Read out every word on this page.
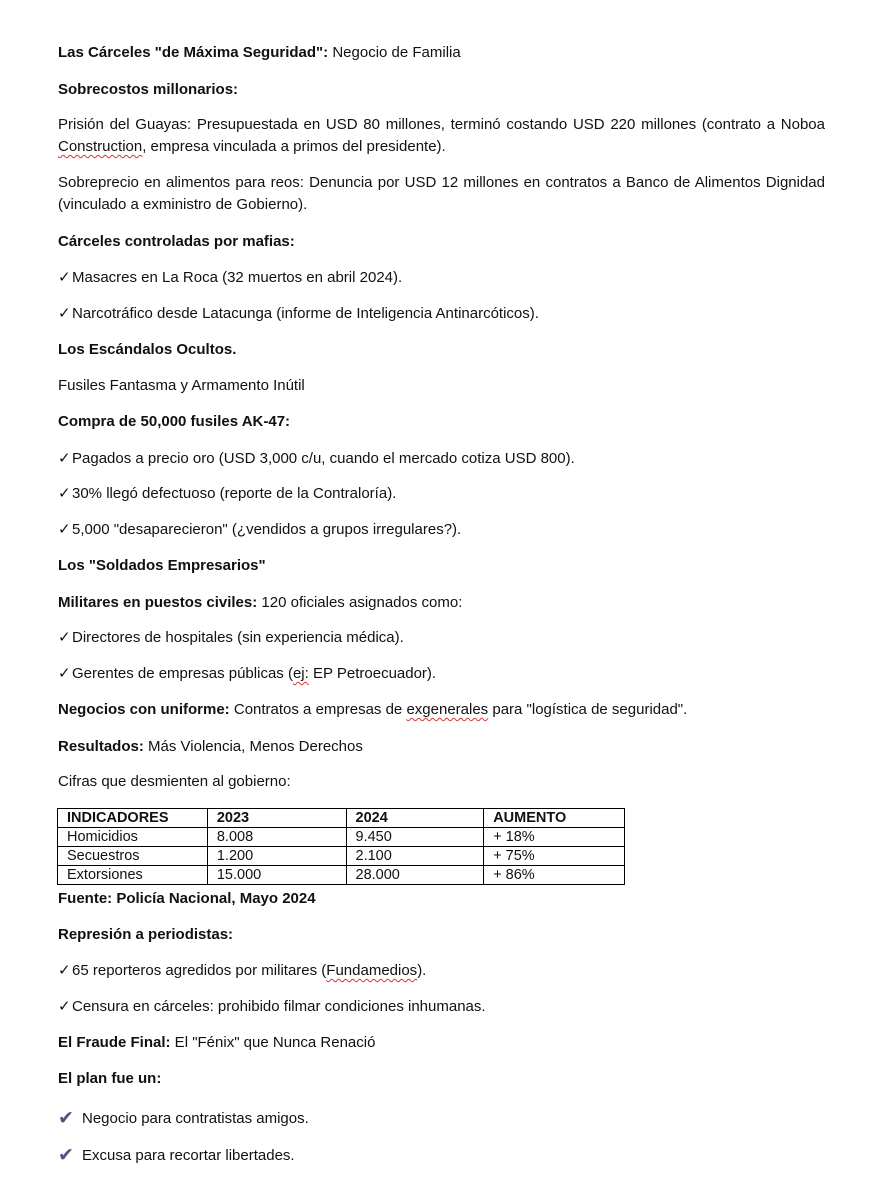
Las Cárceles "de Máxima Seguridad": Negocio de Familia
Sobrecostos millonarios:
Prisión del Guayas: Presupuestada en USD 80 millones, terminó costando USD 220 millones (contrato a Noboa Construction, empresa vinculada a primos del presidente).
Sobreprecio en alimentos para reos: Denuncia por USD 12 millones en contratos a Banco de Alimentos Dignidad (vinculado a exministro de Gobierno).
Cárceles controladas por mafias:
✓Masacres en La Roca (32 muertos en abril 2024).
✓Narcotráfico desde Latacunga (informe de Inteligencia Antinarcóticos).
Los Escándalos Ocultos.
Fusiles Fantasma y Armamento Inútil
Compra de 50,000 fusiles AK-47:
✓Pagados a precio oro (USD 3,000 c/u, cuando el mercado cotiza USD 800).
✓30% llegó defectuoso (reporte de la Contraloría).
✓5,000 "desaparecieron" (¿vendidos a grupos irregulares?).
Los "Soldados Empresarios"
Militares en puestos civiles: 120 oficiales asignados como:
✓Directores de hospitales (sin experiencia médica).
✓Gerentes de empresas públicas (ej: EP Petroecuador).
Negocios con uniforme: Contratos a empresas de exgenerales para "logística de seguridad".
Resultados: Más Violencia, Menos Derechos
Cifras que desmienten al gobierno:
INDICADORES	2023	2024	AUMENTO
Homicidios	8.008	9.450	+ 18%
Secuestros	1.200	2.100	+ 75%
Extorsiones	15.000	28.000	+ 86%
Fuente: Policía Nacional, Mayo 2024
Represión a periodistas:
✓65 reporteros agredidos por militares (Fundamedios).
✓Censura en cárceles: prohibido filmar condiciones inhumanas.
El Fraude Final: El "Fénix" que Nunca Renació
El plan fue un:
✔ Negocio para contratistas amigos.
✔ Excusa para recortar libertades.
